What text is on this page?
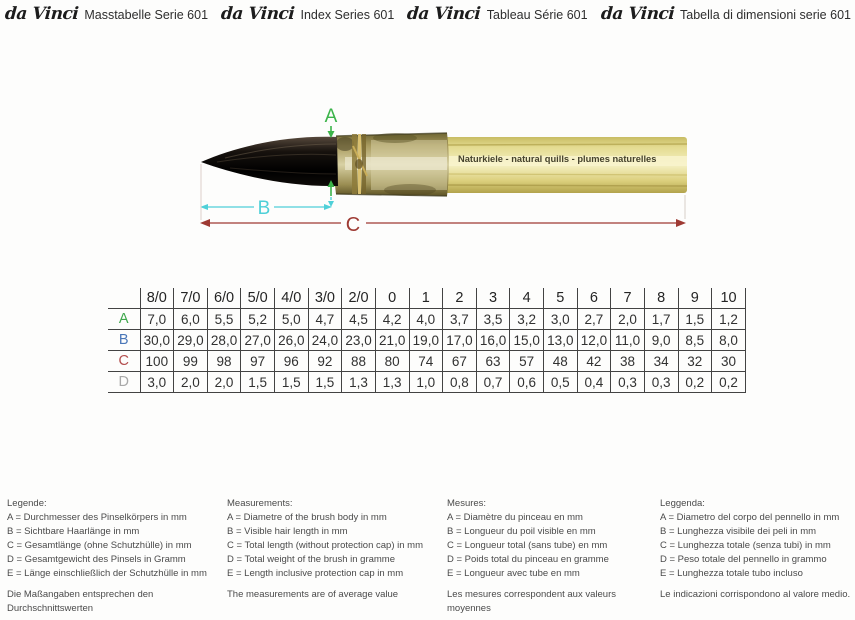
da Vinci Masstabelle Serie 601 da Vinci Index Series 601 da Vinci Tableau Série 601 da Vinci Tabella di dimensioni serie 601
Naturkiele - natural quills - plumes naturelles
A
B
C
	8/0	7/0	6/0	5/0	4/0	3/0	2/0	0	1	2	3	4	5	6	7	8	9	10
A	7,0	6,0	5,5	5,2	5,0	4,7	4,5	4,2	4,0	3,7	3,5	3,2	3,0	2,7	2,0	1,7	1,5	1,2
B	30,0	29,0	28,0	27,0	26,0	24,0	23,0	21,0	19,0	17,0	16,0	15,0	13,0	12,0	11,0	9,0	8,5	8,0
C	100	99	98	97	96	92	88	80	74	67	63	57	48	42	38	34	32	30
D	3,0	2,0	2,0	1,5	1,5	1,5	1,3	1,3	1,0	0,8	0,7	0,6	0,5	0,4	0,3	0,3	0,2	0,2
Legende:
A = Durchmesser des Pinselkörpers in mm
B = Sichtbare Haarlänge in mm
C = Gesamtlänge (ohne Schutzhülle) in mm
D = Gesamtgewicht des Pinsels in Gramm
E = Länge einschließlich der Schutzhülle in mm
Die Maßangaben entsprechen den Durchschnittswerten
Measurements:
A = Diametre of the brush body in mm
B = Visible hair length in mm
C = Total length (without protection cap) in mm
D = Total weight of the brush in gramme
E = Length inclusive protection cap in mm
The measurements are of average value
Mesures:
A = Diamètre du pinceau en mm
B = Longueur du poil visible en mm
C = Longueur total (sans tube) en mm
D = Poids total du pinceau en gramme
E = Longueur avec tube en mm
Les mesures correspondent aux valeurs moyennes
Leggenda:
A = Diametro del corpo del pennello in mm
B = Lunghezza visibile dei peli in mm
C = Lunghezza totale (senza tubi) in mm
D = Peso totale del pennello in grammo
E = Lunghezza totale tubo incluso
Le indicazioni corrispondono al valore medio.
